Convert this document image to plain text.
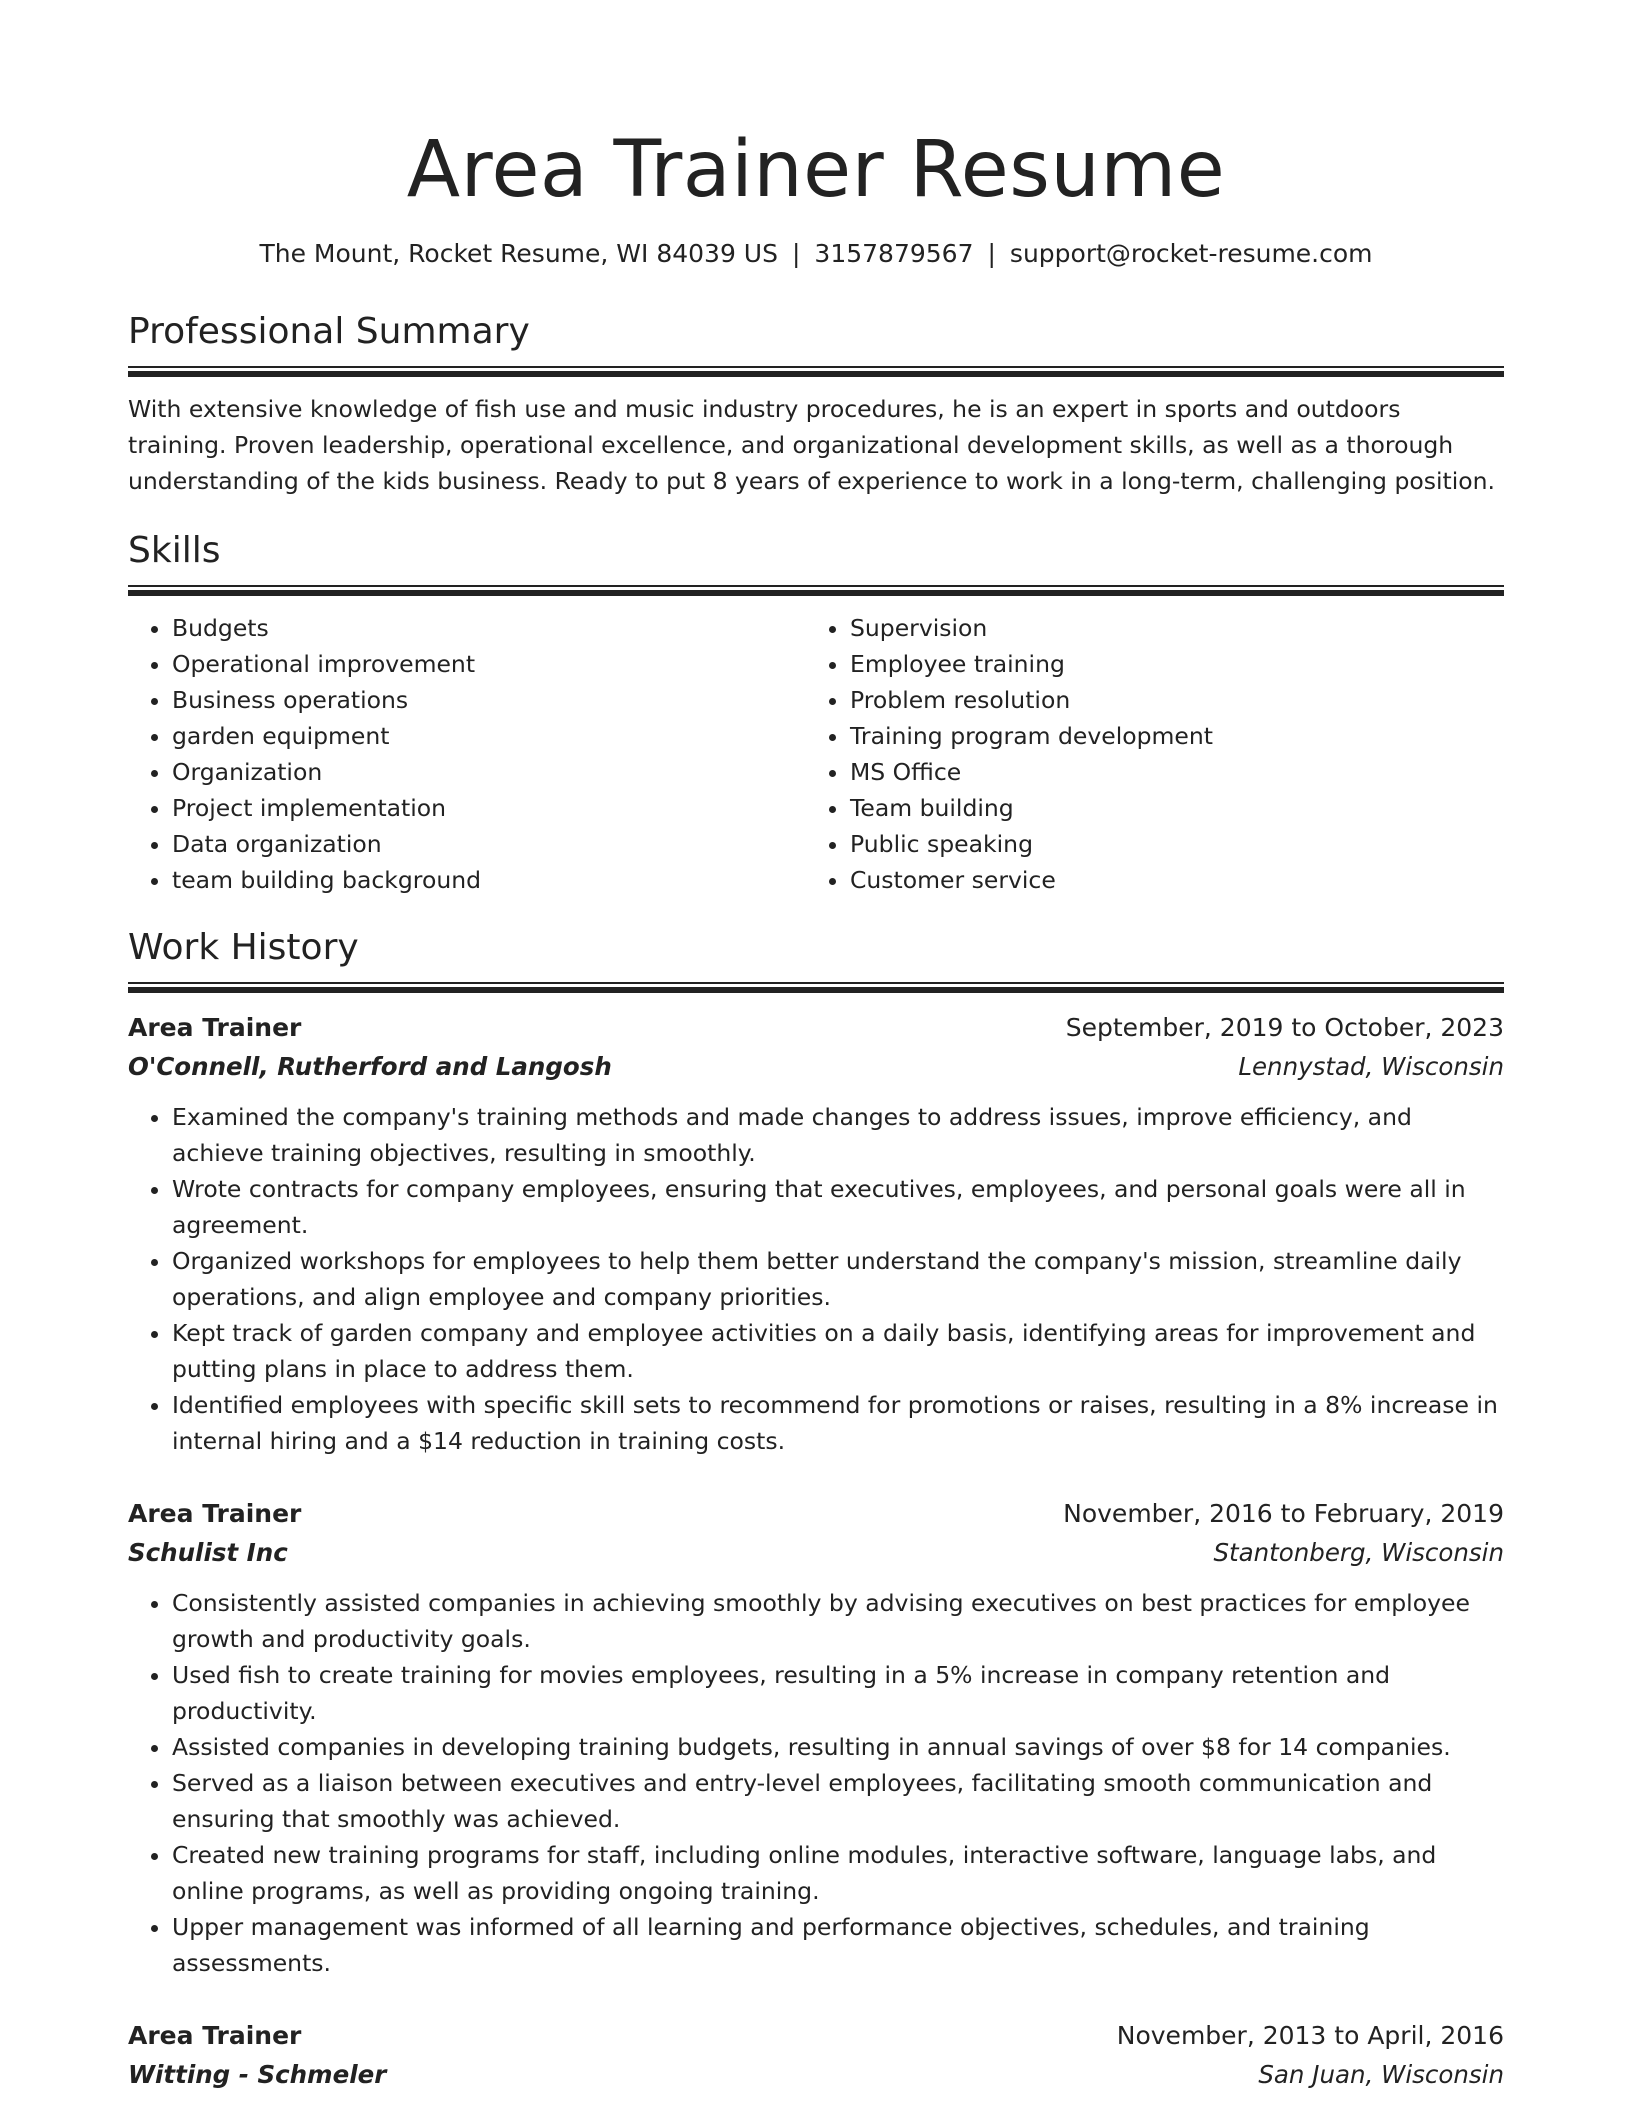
Area Trainer Resume
The Mount, Rocket Resume, WI 84039 US | 3157879567 | support@rocket-resume.com
Professional Summary

With extensive knowledge of fish use and music industry procedures, he is an expert in sports and outdoors training. Proven leadership, operational excellence, and organizational development skills, as well as a thorough understanding of the kids business. Ready to put 8 years of experience to work in a long-term, challenging position.

Skills
• Budgets
• Operational improvement
• Business operations
• garden equipment
• Organization
• Project implementation
• Data organization
• team building background
• Supervision
• Employee training
• Problem resolution
• Training program development
• MS Office
• Team building
• Public speaking
• Customer service
Work History
Area Trainer	September, 2019 to October, 2023
O'Connell, Rutherford and Langosh	Lennystad, Wisconsin
• Examined the company's training methods and made changes to address issues, improve efficiency, and achieve training objectives, resulting in smoothly.
• Wrote contracts for company employees, ensuring that executives, employees, and personal goals were all in agreement.
• Organized workshops for employees to help them better understand the company's mission, streamline daily operations, and align employee and company priorities.
• Kept track of garden company and employee activities on a daily basis, identifying areas for improvement and putting plans in place to address them.
• Identified employees with specific skill sets to recommend for promotions or raises, resulting in a 8% increase in internal hiring and a $14 reduction in training costs.
Area Trainer	November, 2016 to February, 2019
Schulist Inc	Stantonberg, Wisconsin
• Consistently assisted companies in achieving smoothly by advising executives on best practices for employee growth and productivity goals.
• Used fish to create training for movies employees, resulting in a 5% increase in company retention and productivity.
• Assisted companies in developing training budgets, resulting in annual savings of over $8 for 14 companies.
• Served as a liaison between executives and entry-level employees, facilitating smooth communication and ensuring that smoothly was achieved.
• Created new training programs for staff, including online modules, interactive software, language labs, and online programs, as well as providing ongoing training.
• Upper management was informed of all learning and performance objectives, schedules, and training assessments.
Area Trainer	November, 2013 to April, 2016
Witting - Schmeler	San Juan, Wisconsin
